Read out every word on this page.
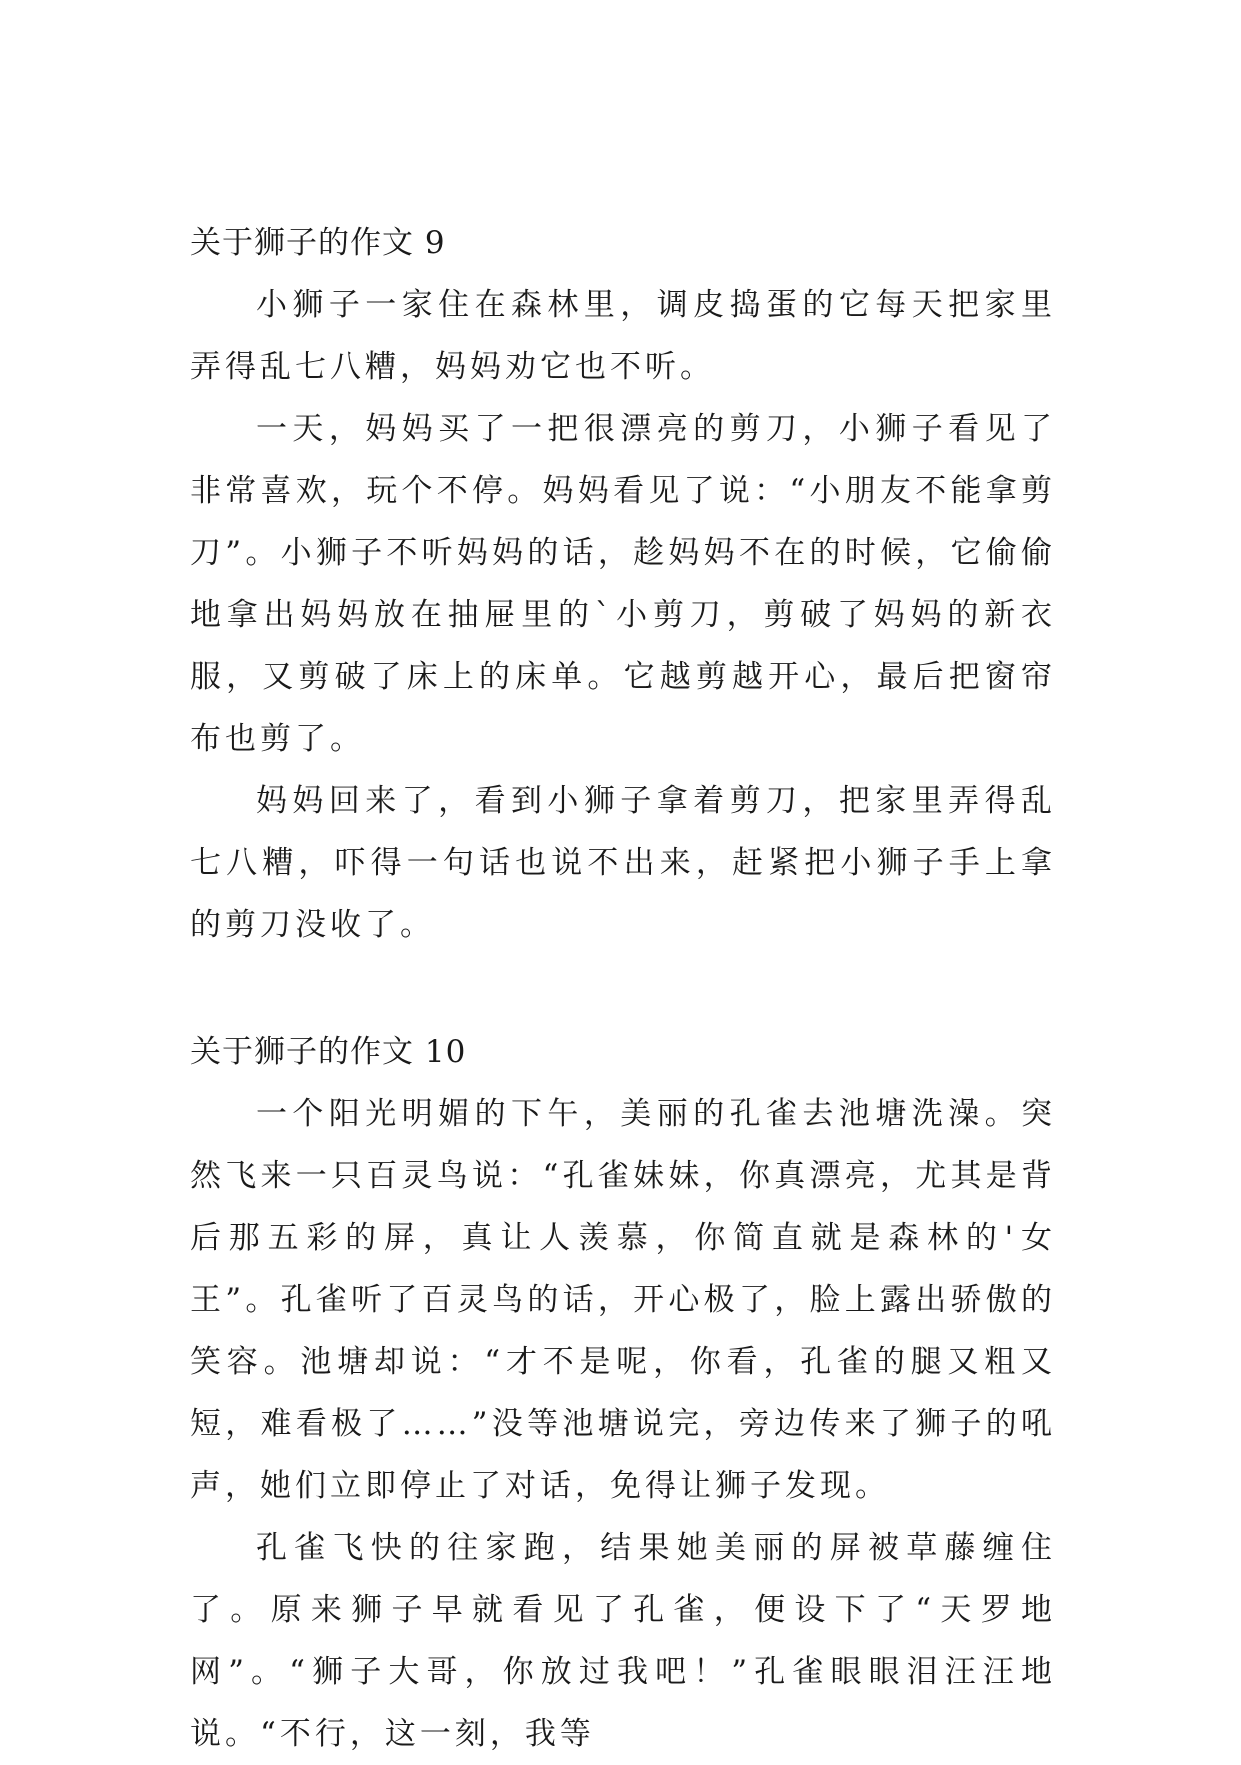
关于狮子的作文 9

小狮子一家住在森林里，调皮捣蛋的它每天把家里弄得乱七八糟，妈妈劝它也不听。

一天，妈妈买了一把很漂亮的剪刀，小狮子看见了非常喜欢，玩个不停。妈妈看见了说：“小朋友不能拿剪刀”。小狮子不听妈妈的话，趁妈妈不在的时候，它偷偷地拿出妈妈放在抽屉里的`小剪刀，剪破了妈妈的新衣服，又剪破了床上的床单。它越剪越开心，最后把窗帘布也剪了。

妈妈回来了，看到小狮子拿着剪刀，把家里弄得乱七八糟，吓得一句话也说不出来，赶紧把小狮子手上拿的剪刀没收了。

关于狮子的作文 10

一个阳光明媚的下午，美丽的孔雀去池塘洗澡。突然飞来一只百灵鸟说：“孔雀妹妹，你真漂亮，尤其是背后那五彩的屏，真让人羡慕，你简直就是森林的'女王”。孔雀听了百灵鸟的话，开心极了，脸上露出骄傲的笑容。池塘却说：“才不是呢，你看，孔雀的腿又粗又短，难看极了……”没等池塘说完，旁边传来了狮子的吼声，她们立即停止了对话，免得让狮子发现。

孔雀飞快的往家跑，结果她美丽的屏被草藤缠住了。原来狮子早就看见了孔雀，便设下了“天罗地网”。“狮子大哥，你放过我吧！”孔雀眼眼泪汪汪地说。“不行，这一刻，我等
